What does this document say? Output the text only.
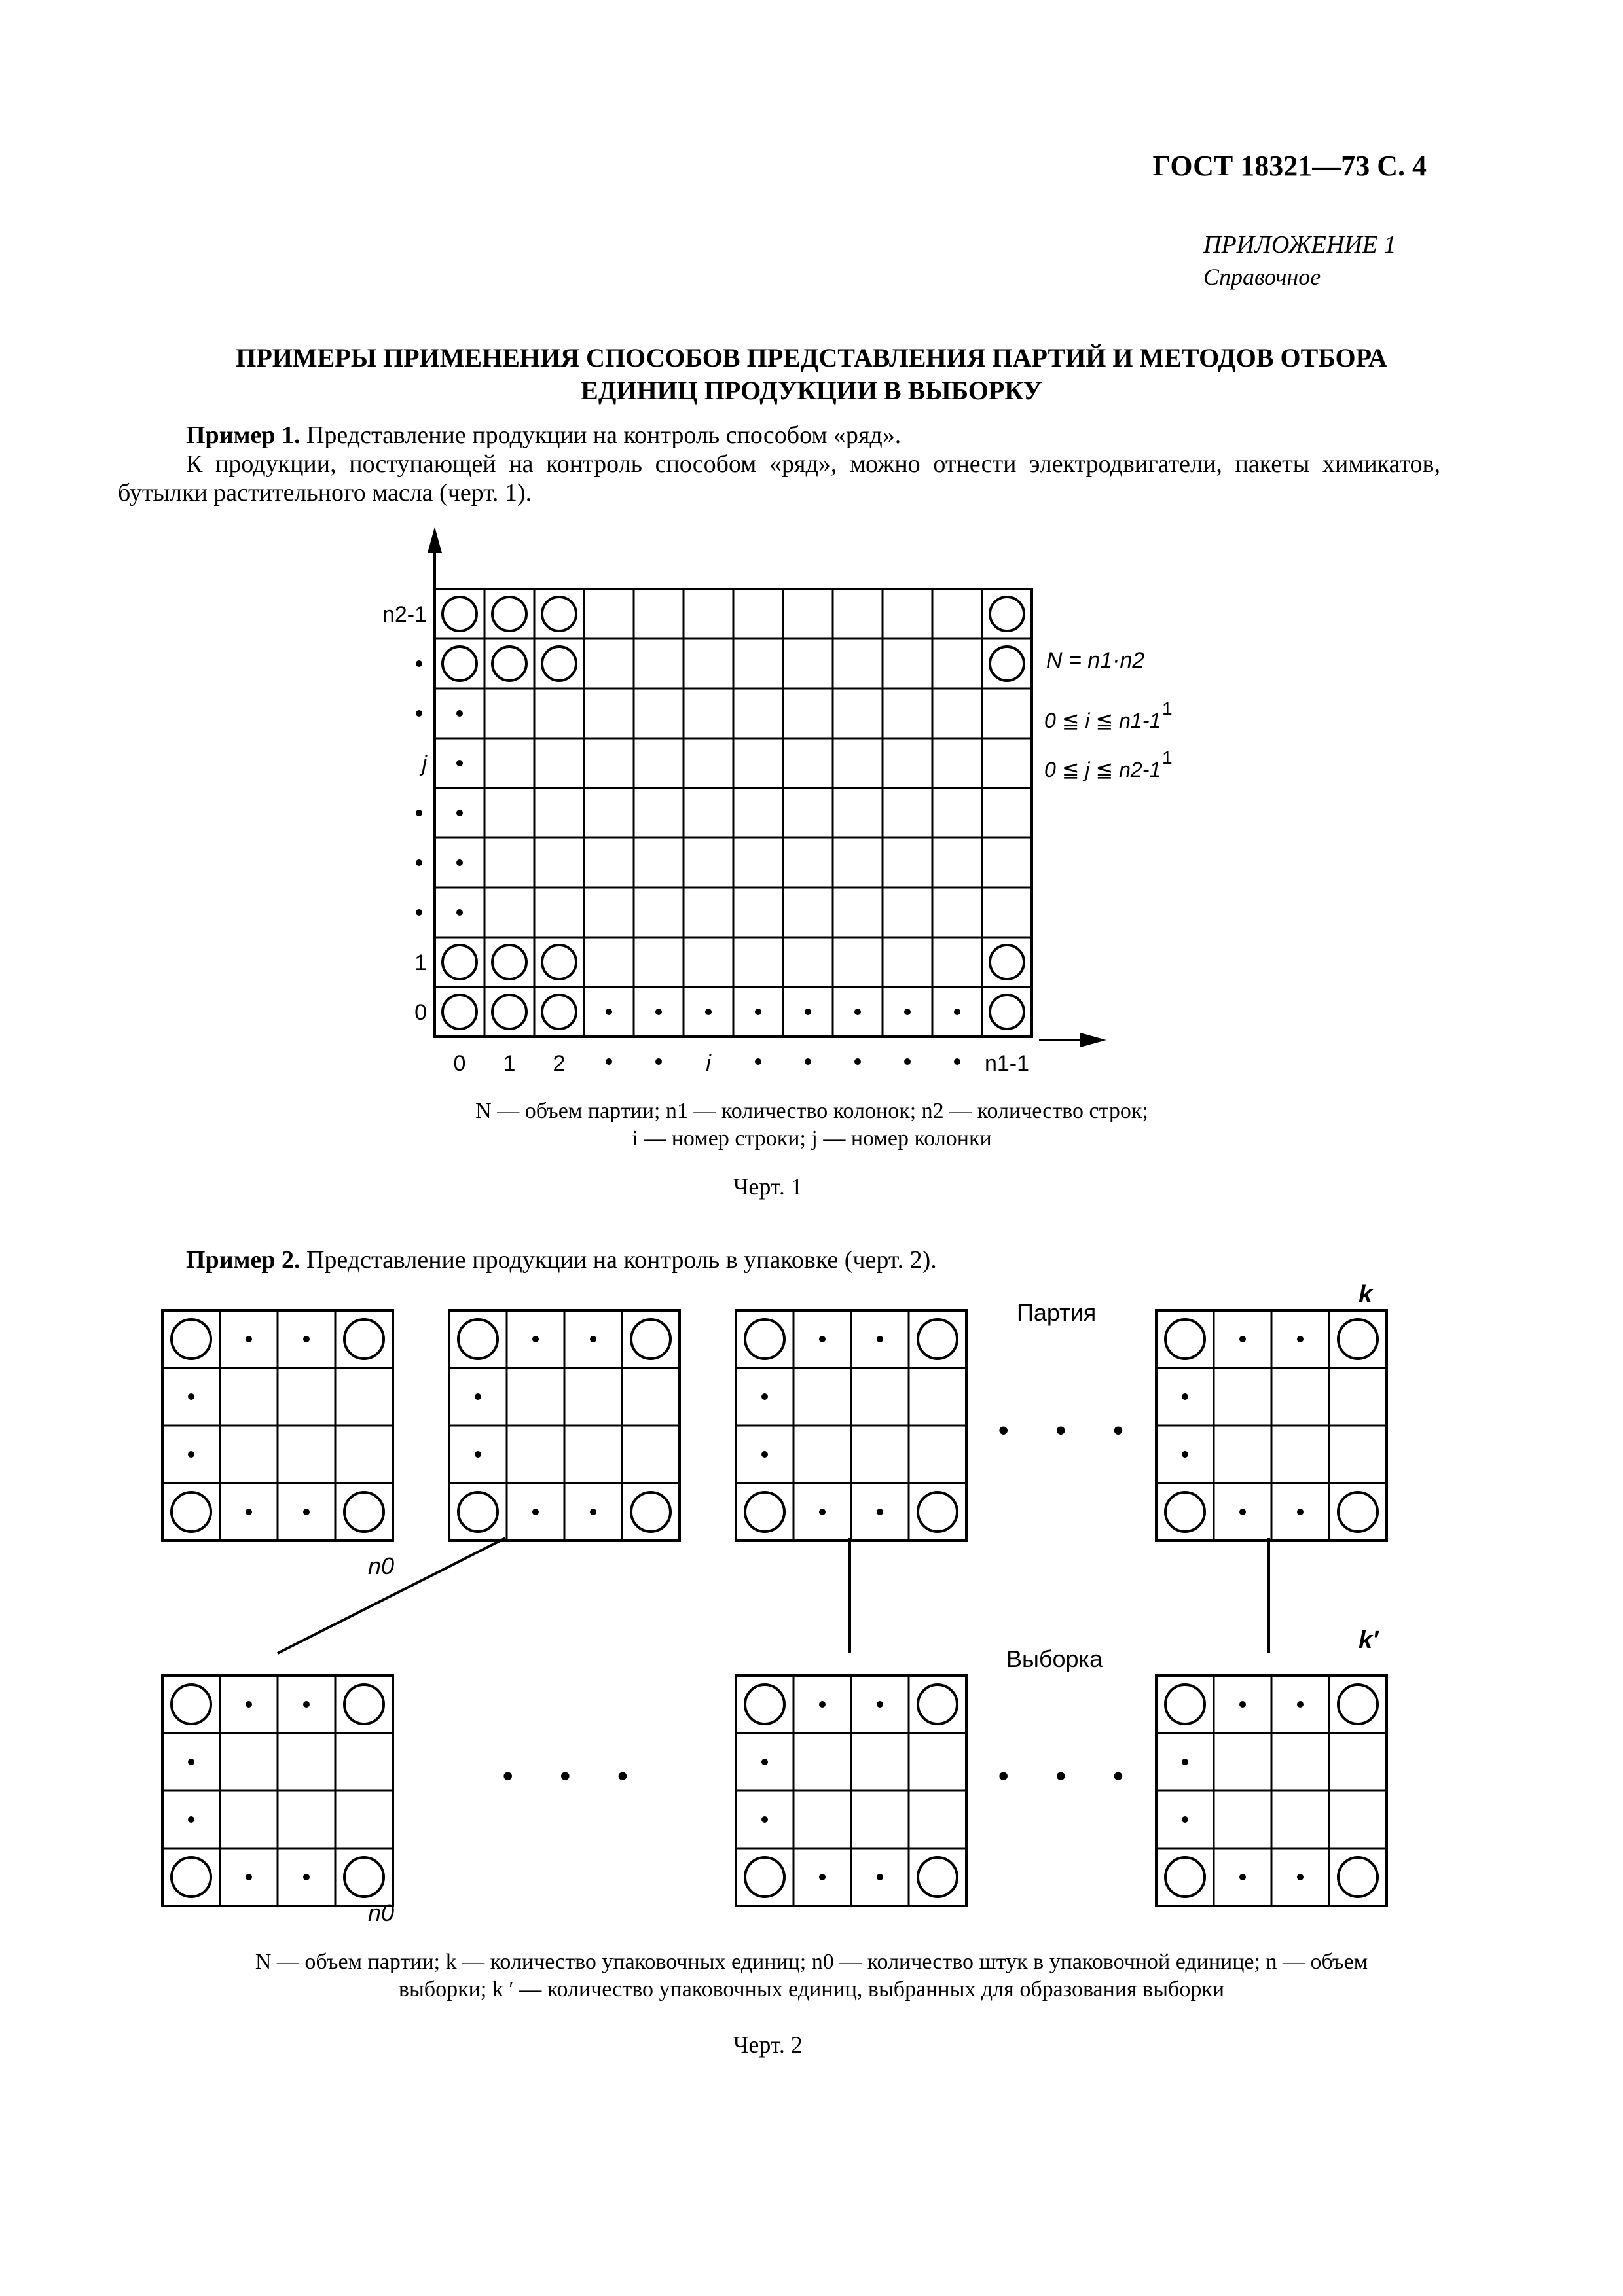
ГОСТ 18321—73 С. 4
ПРИЛОЖЕНИЕ 1
Справочное
ПРИМЕРЫ ПРИМЕНЕНИЯ СПОСОБОВ ПРЕДСТАВЛЕНИЯ ПАРТИЙ И МЕТОДОВ ОТБОРА
ЕДИНИЦ ПРОДУКЦИИ В ВЫБОРКУ
Пример 1. Представление продукции на контроль способом «ряд».
К продукции, поступающей на контроль способом «ряд», можно отнести электродвигатели, пакеты химикатов, бутылки растительного масла (черт. 1).
n2-1
j
1
0
0 1 2	i	n1-1
N = n1·n2
0 ≦ i ≦ n1-1
1
0 ≦ j ≦ n2-1
1
N — объем партии; n1 — количество колонок; n2 — количество строк;
i — номер строки; j — номер колонки
Черт. 1
Пример 2. Представление продукции на контроль в упаковке (черт. 2).
Партия
k
Выборка
k′
n0
n0
• • •
• • •
• • •
N — объем партии; k — количество упаковочных единиц; n0 — количество штук в упаковочной единице; n — объем
выборки; k ′ — количество упаковочных единиц, выбранных для образования выборки
Черт. 2
